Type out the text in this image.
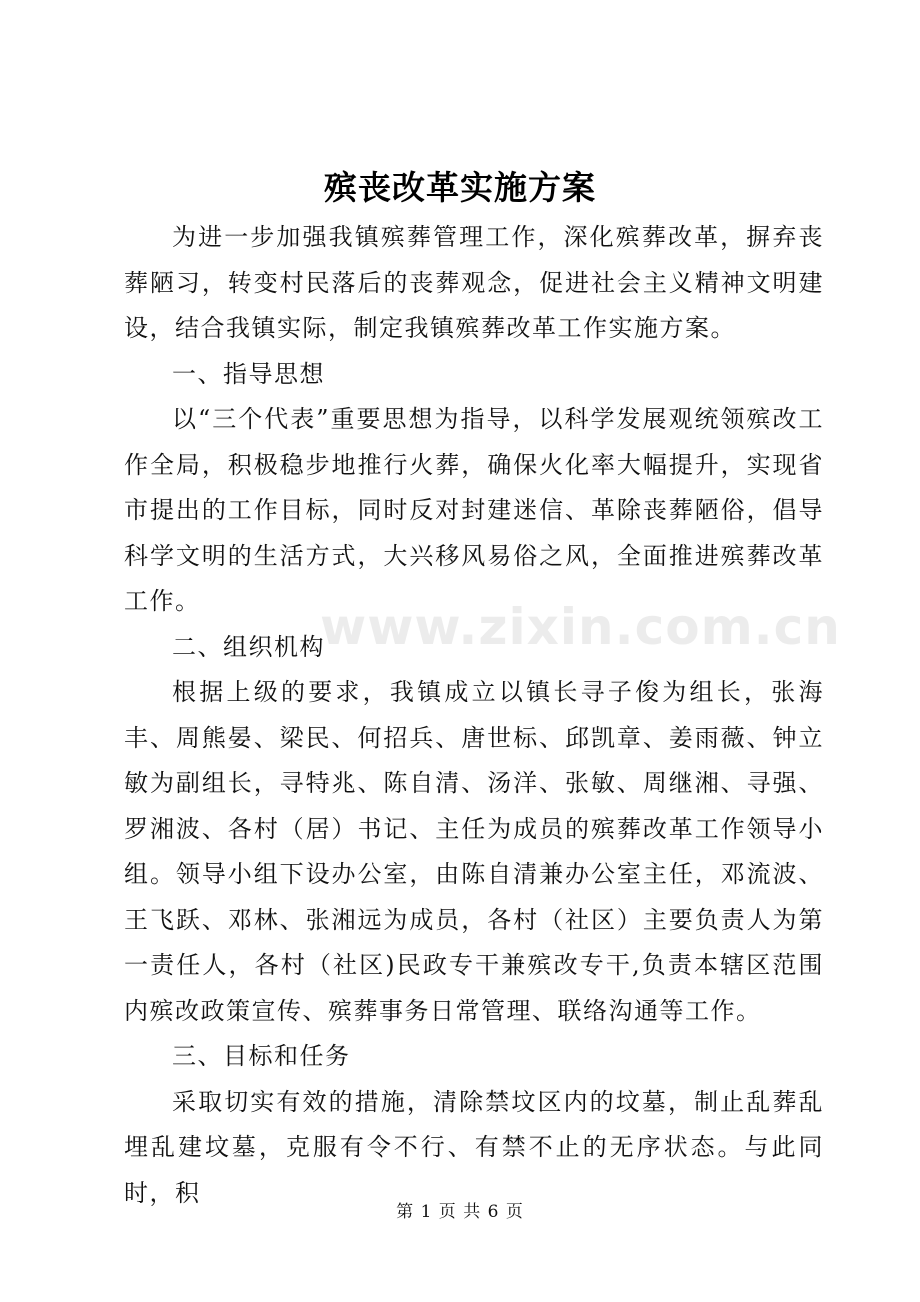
殡丧改革实施方案

为进一步加强我镇殡葬管理工作，深化殡葬改革，摒弃丧葬陋习，转变村民落后的丧葬观念，促进社会主义精神文明建设，结合我镇实际，制定我镇殡葬改革工作实施方案。

一、指导思想

以“三个代表”重要思想为指导，以科学发展观统领殡改工作全局，积极稳步地推行火葬，确保火化率大幅提升，实现省市提出的工作目标，同时反对封建迷信、革除丧葬陋俗，倡导科学文明的生活方式，大兴移风易俗之风，全面推进殡葬改革工作。

二、组织机构

根据上级的要求，我镇成立以镇长寻子俊为组长，张海丰、周熊晏、梁民、何招兵、唐世标、邱凯章、姜雨薇、钟立敏为副组长，寻特兆、陈自清、汤洋、张敏、周继湘、寻强、罗湘波、各村（居）书记、主任为成员的殡葬改革工作领导小组。领导小组下设办公室，由陈自清兼办公室主任，邓流波、王飞跃、邓林、张湘远为成员，各村（社区）主要负责人为第一责任人，各村（社区)民政专干兼殡改专干,负责本辖区范围内殡改政策宣传、殡葬事务日常管理、联络沟通等工作。

三、目标和任务

采取切实有效的措施，清除禁坟区内的坟墓，制止乱葬乱埋乱建坟墓，克服有令不行、有禁不止的无序状态。与此同时，积

www.zixin.com.cn
第 1 页 共 6 页
